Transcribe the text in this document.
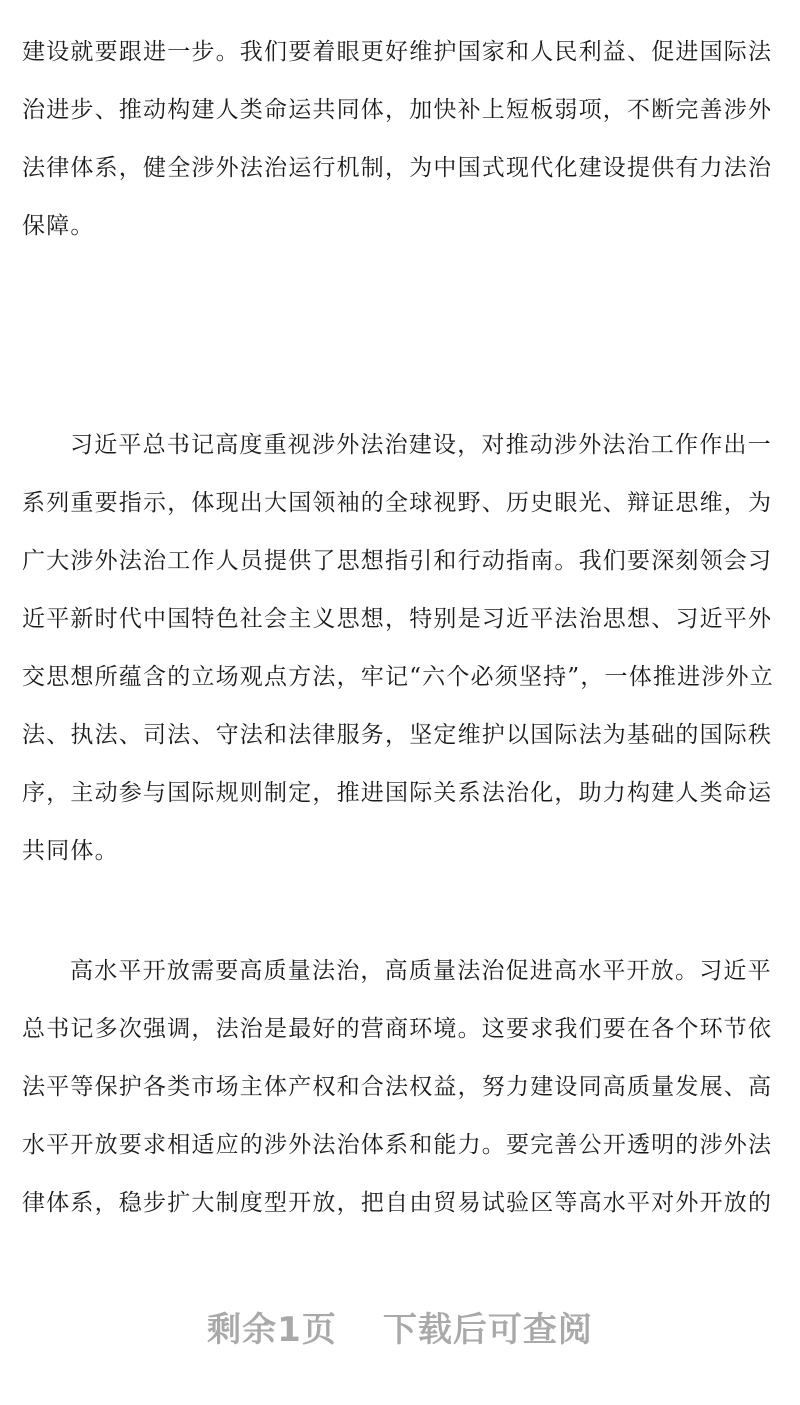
建设就要跟进一步。我们要着眼更好维护国家和人民利益、促进国际法
治进步、推动构建人类命运共同体，加快补上短板弱项，不断完善涉外
法律体系，健全涉外法治运行机制，为中国式现代化建设提供有力法治
保障。
习近平总书记高度重视涉外法治建设，对推动涉外法治工作作出一
系列重要指示，体现出大国领袖的全球视野、历史眼光、辩证思维，为
广大涉外法治工作人员提供了思想指引和行动指南。我们要深刻领会习
近平新时代中国特色社会主义思想，特别是习近平法治思想、习近平外
交思想所蕴含的立场观点方法，牢记“六个必须坚持”，一体推进涉外立
法、执法、司法、守法和法律服务，坚定维护以国际法为基础的国际秩
序，主动参与国际规则制定，推进国际关系法治化，助力构建人类命运
共同体。
高水平开放需要高质量法治，高质量法治促进高水平开放。习近平
总书记多次强调，法治是最好的营商环境。这要求我们要在各个环节依
法平等保护各类市场主体产权和合法权益，努力建设同高质量发展、高
水平开放要求相适应的涉外法治体系和能力。要完善公开透明的涉外法
律体系，稳步扩大制度型开放，把自由贸易试验区等高水平对外开放的
剩余1页 下载后可查阅
